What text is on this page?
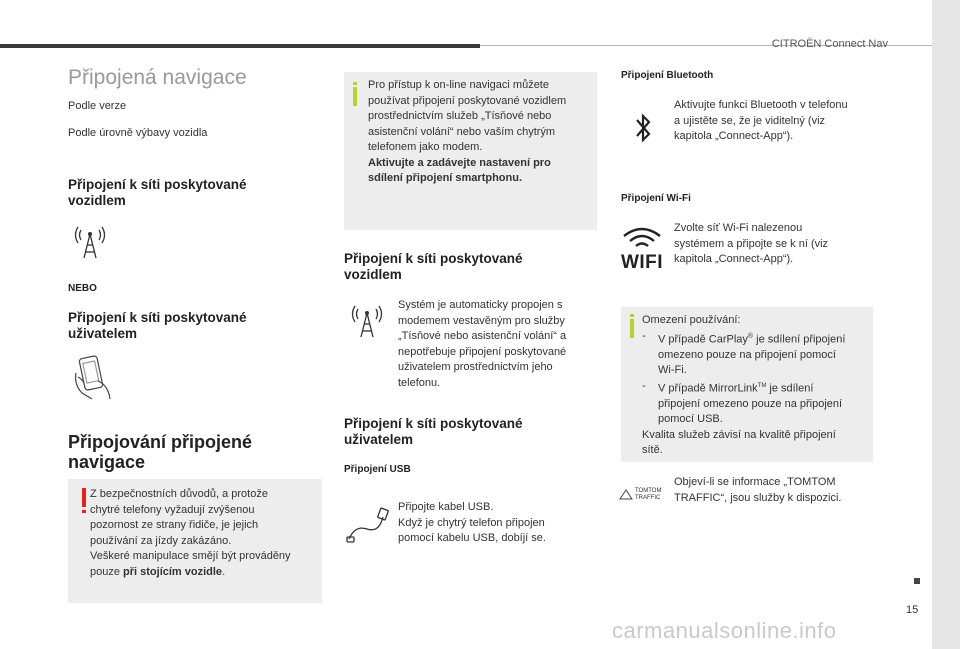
CITROËN Connect Nav
15
carmanualsonline.info
Připojená navigace
Podle verze
Podle úrovně výbavy vozidla
Připojení k síti poskytované
vozidlem
NEBO
Připojení k síti poskytované
uživatelem
Připojování připojené
navigace
Z bezpečnostních důvodů, a protože
chytré telefony vyžadují zvýšenou
pozornost ze strany řidiče, je jejich
používání za jízdy zakázáno.
Veškeré manipulace smějí být prováděny
pouze při stojícím vozidle.
Pro přístup k on-line navigaci můžete
používat připojení poskytované vozidlem
prostřednictvím služeb „Tísňové nebo
asistenční volání“ nebo vaším chytrým
telefonem jako modem.
Aktivujte a zadávejte nastavení pro
sdílení připojení smartphonu.
Připojení k síti poskytované
vozidlem
Systém je automaticky propojen s
modemem vestavěným pro služby
„Tísňové nebo asistenční volání“ a
nepotřebuje připojení poskytované
uživatelem prostřednictvím jeho
telefonu.
Připojení k síti poskytované
uživatelem
Připojení USB
Připojte kabel USB.
Když je chytrý telefon připojen
pomocí kabelu USB, dobíjí se.
Připojení Bluetooth
Aktivujte funkci Bluetooth v telefonu
a ujistěte se, že je viditelný (viz
kapitola „Connect-App“).
Připojení Wi-Fi
WIFI
Zvolte síť Wi-Fi nalezenou
systémem a připojte se k ní (viz
kapitola „Connect-App“).
Omezení používání:
- V případě CarPlay® je sdílení připojení
omezeno pouze na připojení pomocí
Wi-Fi.
- V případě MirrorLink™ je sdílení
připojení omezeno pouze na připojení
pomocí USB.
Kvalita služeb závisí na kvalitě připojení
sítě.
TOMTOM
TRAFFIC
Objeví-li se informace „TOMTOM
TRAFFIC“, jsou služby k dispozici.
